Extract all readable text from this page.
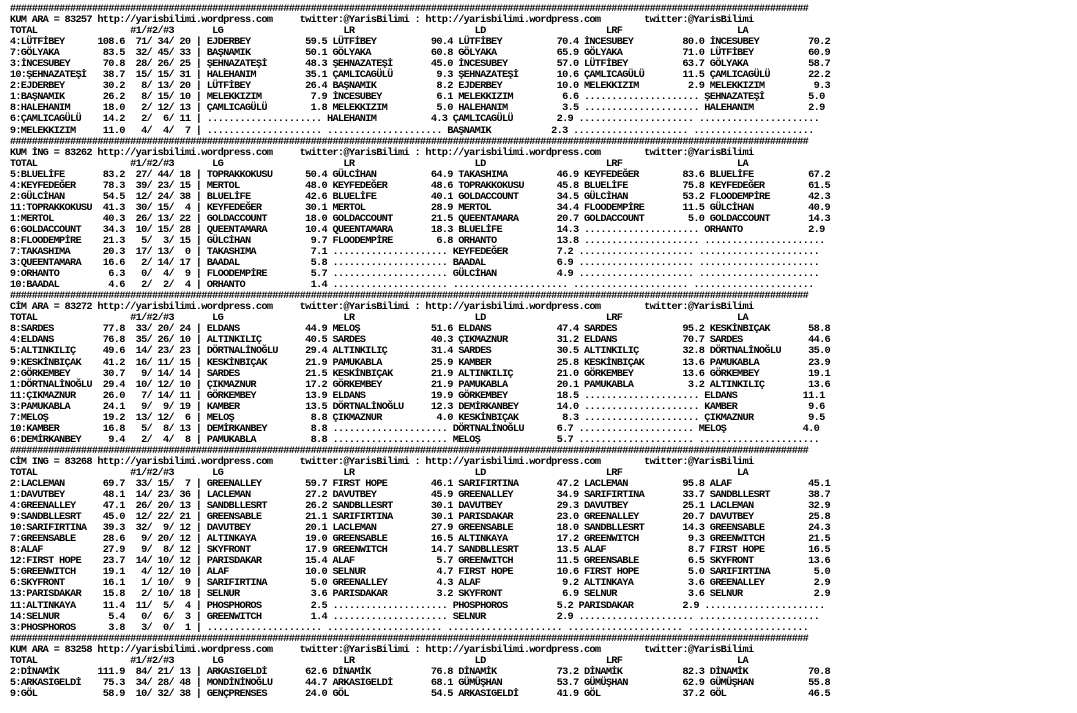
##################################################################################################################################################
KUM ARA = 83257 http://yarisbilimi.wordpress.com     twitter:@YarisBilimi : http://yarisbilimi.wordpress.com        twitter:@YarisBilimi
TOTAL                 #1/#2/#3       LG                      LR                      LD                      LRF                     LA
4:LÜTFİBEY      108.6  71/ 34/ 20 | EJDERBEY          59.5 LÜTFİBEY          90.4 LÜTFİBEY          70.4 İNCESUBEY         80.0 İNCESUBEY         70.2
7:GÖLYAKA        83.5  32/ 45/ 33 | BAŞNAMIK          50.1 GÖLYAKA           60.8 GÖLYAKA           65.9 GÖLYAKA           71.0 LÜTFİBEY          60.9
3:İNCESUBEY      70.8  28/ 26/ 25 | ŞEHNAZATEŞİ       48.3 ŞEHNAZATEŞİ       45.0 İNCESUBEY         57.0 LÜTFİBEY          63.7 GÖLYAKA           58.7
10:ŞEHNAZATEŞİ   38.7  15/ 15/ 31 | HALEHANIM         35.1 ÇAMLICAGÜLÜ        9.3 ŞEHNAZATEŞİ       10.6 ÇAMLICAGÜLÜ       11.5 ÇAMLICAGÜLÜ       22.2
2:EJDERBEY       30.2   8/ 13/ 20 | LÜTFİBEY          26.4 BAŞNAMIK           8.2 EJDERBEY          10.0 MELEKKIZIM         2.9 MELEKKIZIM         9.3
1:BAŞNAMIK       26.2   8/ 15/ 10 | MELEKKIZIM         7.9 İNCESUBEY          6.1 MELEKKIZIM         6.6 ..................... ŞEHNAZATEŞİ        5.0
8:HALEHANIM      18.0   2/ 12/ 13 | ÇAMLICAGÜLÜ        1.8 MELEKKIZIM         5.0 HALEHANIM          3.5 ..................... HALEHANIM          2.9
6:ÇAMLICAGÜLÜ    14.2   2/  6/ 11 | ..................... HALEHANIM          4.3 ÇAMLICAGÜLÜ        2.9 ..................... ......................
9:MELEKKIZIM     11.0   4/  4/  7 | ..................... ..................... BAŞNAMIK           2.3 ..................... ......................
##################################################################################################################################################
KUM İNG = 83262 http://yarisbilimi.wordpress.com     twitter:@YarisBilimi : http://yarisbilimi.wordpress.com        twitter:@YarisBilimi
TOTAL                 #1/#2/#3       LG                      LR                      LD                      LRF                     LA
5:BLUELİFE       83.2  27/ 44/ 18 | TOPRAKKOKUSU      50.4 GÜLCİHAN          64.9 TAKASHIMA         46.9 KEYFEDEĞER        83.6 BLUELİFE          67.2
4:KEYFEDEĞER     78.3  39/ 23/ 15 | MERTOL            48.0 KEYFEDEĞER        48.6 TOPRAKKOKUSU      45.8 BLUELİFE          75.8 KEYFEDEĞER        61.5
2:GÜLCİHAN       54.5  12/ 24/ 38 | BLUELİFE          42.6 BLUELİFE          40.1 GOLDACCOUNT       34.5 GÜLCİHAN          53.2 FLOODEMPİRE       42.3
11:TOPRAKKOKUSU  41.3  30/ 15/  4 | KEYFEDEĞER        30.1 MERTOL            28.9 MERTOL            34.4 FLOODEMPİRE       11.5 GÜLCİHAN          40.9
1:MERTOL         40.3  26/ 13/ 22 | GOLDACCOUNT       18.0 GOLDACCOUNT       21.5 QUEENTAMARA       20.7 GOLDACCOUNT        5.0 GOLDACCOUNT       14.3
6:GOLDACCOUNT    34.3  10/ 15/ 28 | QUEENTAMARA       10.4 QUEENTAMARA       18.3 BLUELİFE          14.3 ..................... ORHANTO            2.9
8:FLOODEMPİRE    21.3   5/  3/ 15 | GÜLCİHAN           9.7 FLOODEMPİRE        6.8 ORHANTO           13.8 ..................... ......................
7:TAKASHIMA      20.3  17/ 13/  0 | TAKASHIMA          7.1 ..................... KEYFEDEĞER         7.2 ..................... ......................
3:QUEENTAMARA    16.6   2/ 14/ 17 | BAADAL             5.8 ..................... BAADAL             6.9 ..................... ......................
9:ORHANTO         6.3   0/  4/  9 | FLOODEMPİRE        5.7 ..................... GÜLCİHAN           4.9 ..................... ......................
10:BAADAL         4.6   2/  2/  4 | ORHANTO            1.4 ..................... ..................... ..................... ......................
##################################################################################################################################################
CİM ARA = 83272 http://yarisbilimi.wordpress.com     twitter:@YarisBilimi : http://yarisbilimi.wordpress.com        twitter:@YarisBilimi
TOTAL                 #1/#2/#3       LG                      LR                      LD                      LRF                     LA
8:SARDES         77.8  33/ 20/ 24 | ELDANS            44.9 MELOŞ             51.6 ELDANS            47.4 SARDES            95.2 KESKİNBIÇAK       58.8
4:ELDANS         76.8  35/ 26/ 10 | ALTINKILIÇ        40.5 SARDES            40.3 ÇIKMAZNUR         31.2 ELDANS            70.7 SARDES            44.6
5:ALTINKILIÇ     49.6  14/ 23/ 23 | DÖRTNALİNOĞLU     29.4 ALTINKILIÇ        31.4 SARDES            30.5 ALTINKILIÇ        32.8 DÖRTNALİNOĞLU     35.0
9:KESKİNBIÇAK    41.2  16/ 11/ 15 | KESKİNBIÇAK       21.9 PAMUKABLA         25.9 KAMBER            25.8 KESKİNBIÇAK       13.6 PAMUKABLA         23.9
2:GÖRKEMBEY      30.7   9/ 14/ 14 | SARDES            21.5 KESKİNBIÇAK       21.9 ALTINKILIÇ        21.0 GÖRKEMBEY         13.6 GÖRKEMBEY         19.1
1:DÖRTNALİNOĞLU  29.4  10/ 12/ 10 | ÇIKMAZNUR         17.2 GÖRKEMBEY         21.9 PAMUKABLA         20.1 PAMUKABLA          3.2 ALTINKILIÇ        13.6
11:ÇIKMAZNUR     26.0   7/ 14/ 11 | GÖRKEMBEY         13.9 ELDANS            19.9 GÖRKEMBEY         18.5 ..................... ELDANS            11.1
3:PAMUKABLA      24.1   9/  9/ 19 | KAMBER            13.5 DÖRTNALİNOĞLU     12.3 DEMİRKANBEY       14.0 ..................... KAMBER             9.6
7:MELOŞ          19.2  13/ 12/  6 | MELOŞ              8.8 ÇIKMAZNUR          4.0 KESKİNBIÇAK        8.3 ..................... ÇIKMAZNUR          9.5
10:KAMBER        16.8   5/  8/ 13 | DEMİRKANBEY        8.8 ..................... DÖRTNALİNOĞLU      6.7 ..................... MELOŞ              4.0
6:DEMİRKANBEY     9.4   2/  4/  8 | PAMUKABLA          8.8 ..................... MELOŞ              5.7 ..................... ......................
##################################################################################################################################################
CİM ING = 83268 http://yarisbilimi.wordpress.com     twitter:@YarisBilimi : http://yarisbilimi.wordpress.com        twitter:@YarisBilimi
TOTAL                 #1/#2/#3       LG                      LR                      LD                      LRF                     LA
2:LACLEMAN       69.7  33/ 15/  7 | GREENALLEY        59.7 FIRST HOPE        46.1 SARIFIRTINA       47.2 LACLEMAN          95.8 ALAF              45.1
1:DAVUTBEY       48.1  14/ 23/ 36 | LACLEMAN          27.2 DAVUTBEY          45.9 GREENALLEY        34.9 SARIFIRTINA       33.7 SANDBLLESRT       38.7
4:GREENALLEY     47.1  26/ 20/ 13 | SANDBLLESRT       26.2 SANDBLLESRT       30.1 DAVUTBEY          29.3 DAVUTBEY          25.1 LACLEMAN          32.9
9:SANDBLLESRT    45.0  12/ 22/ 21 | GREENSABLE        21.1 SARIFIRTINA       30.1 PARISDAKAR        23.0 GREENALLEY        20.7 DAVUTBEY          25.8
10:SARIFIRTINA   39.3  32/  9/ 12 | DAVUTBEY          20.1 LACLEMAN          27.9 GREENSABLE        18.0 SANDBLLESRT       14.3 GREENSABLE        24.3
7:GREENSABLE     28.6   9/ 20/ 12 | ALTINKAYA         19.0 GREENSABLE        16.5 ALTINKAYA         17.2 GREENWITCH         9.3 GREENWITCH        21.5
8:ALAF           27.9   9/  8/ 12 | SKYFRONT          17.9 GREENWITCH        14.7 SANDBLLESRT       13.5 ALAF               8.7 FIRST HOPE        16.5
12:FIRST HOPE    23.7  14/ 10/ 12 | PARISDAKAR        15.4 ALAF               5.7 GREENWITCH        11.5 GREENSABLE         6.5 SKYFRONT          13.6
5:GREENWITCH     19.1   4/ 12/ 10 | ALAF              10.0 SELNUR             4.7 FIRST HOPE        10.6 FIRST HOPE         5.0 SARIFIRTINA        5.0
6:SKYFRONT       16.1   1/ 10/  9 | SARIFIRTINA        5.0 GREENALLEY         4.3 ALAF               9.2 ALTINKAYA          3.6 GREENALLEY         2.9
13:PARISDAKAR    15.8   2/ 10/ 18 | SELNUR             3.6 PARISDAKAR         3.2 SKYFRONT           6.9 SELNUR             3.6 SELNUR             2.9
11:ALTINKAYA     11.4  11/  5/  4 | PHOSPHOROS         2.5 ..................... PHOSPHOROS         5.2 PARISDAKAR         2.9 ......................
14:SELNUR         5.4   0/  6/  3 | GREENWITCH         1.4 ..................... SELNUR             2.9 ..................... ......................
3:PHOSPHOROS      3.8   3/  0/  1 | ..................... ..................... ..................... ..................... ......................
##################################################################################################################################################
KUM ARA = 83258 http://yarisbilimi.wordpress.com     twitter:@YarisBilimi : http://yarisbilimi.wordpress.com        twitter:@YarisBilimi
TOTAL                 #1/#2/#3       LG                      LR                      LD                      LRF                     LA
2:DİNAMİK       111.9  84/ 21/ 13 | ARKASIGELDİ       62.6 DİNAMİK           76.8 DİNAMİK           73.2 DİNAMİK           82.3 DİNAMİK           70.8
5:ARKASIGELDİ    75.3  34/ 28/ 48 | MONDİNİNOĞLU      44.7 ARKASIGELDİ       68.1 GÜMÜŞHAN          53.7 GÜMÜŞHAN          62.9 GÜMÜŞHAN          55.8
9:GÖL            58.9  10/ 32/ 38 | GENÇPRENSES       24.0 GÖL               54.5 ARKASIGELDİ       41.9 GÖL               37.2 GÖL               46.5
